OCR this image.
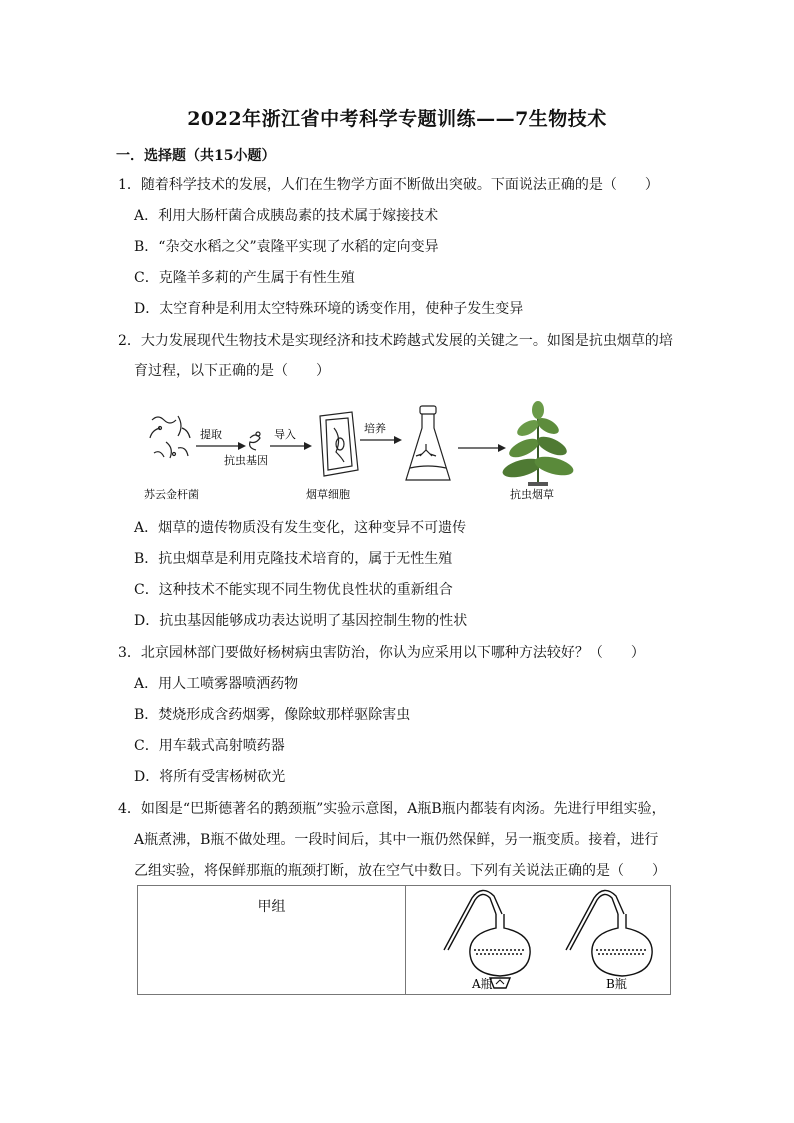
2022年浙江省中考科学专题训练——7生物技术
一．选择题（共15小题）
1．随着科学技术的发展，人们在生物学方面不断做出突破。下面说法正确的是（　　）
A．利用大肠杆菌合成胰岛素的技术属于嫁接技术
B．“杂交水稻之父”袁隆平实现了水稻的定向变异
C．克隆羊多莉的产生属于有性生殖
D．太空育种是利用太空特殊环境的诱变作用，使种子发生变异
2．大力发展现代生物技术是实现经济和技术跨越式发展的关键之一。如图是抗虫烟草的培
育过程，以下正确的是（　　）
苏云金杆菌
提取
抗虫基因
导入
烟草细胞
培养
抗虫烟草
A．烟草的遗传物质没有发生变化，这种变异不可遗传
B．抗虫烟草是利用克隆技术培育的，属于无性生殖
C．这种技术不能实现不同生物优良性状的重新组合
D．抗虫基因能够成功表达说明了基因控制生物的性状
3．北京园林部门要做好杨树病虫害防治，你认为应采用以下哪种方法较好？（　　）
A．用人工喷雾器喷洒药物
B．焚烧形成含药烟雾，像除蚊那样驱除害虫
C．用车载式高射喷药器
D．将所有受害杨树砍光
4．如图是“巴斯德著名的鹅颈瓶”实验示意图，A瓶B瓶内都装有肉汤。先进行甲组实验，
A瓶煮沸，B瓶不做处理。一段时间后，其中一瓶仍然保鲜，另一瓶变质。接着，进行
乙组实验，将保鲜那瓶的瓶颈打断，放在空气中数日。下列有关说法正确的是（　　）
甲组
A瓶	B瓶
